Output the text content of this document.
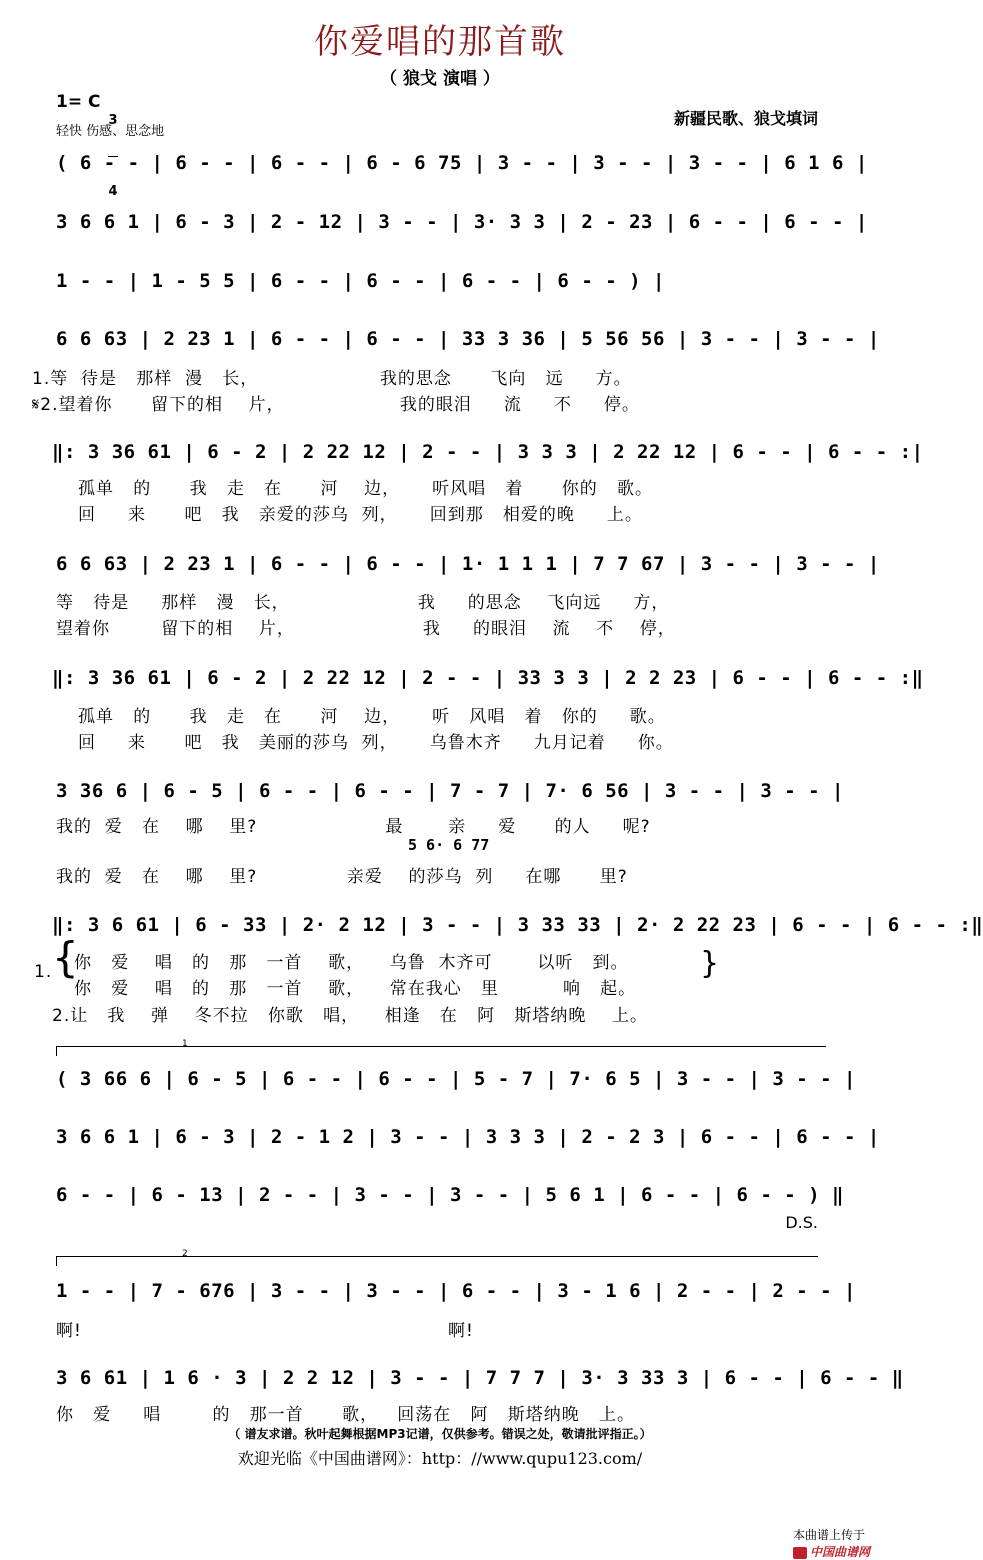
你爱唱的那首歌
（ 狼戈 演唱 ）
1= C

3

4

轻快 伤感、思念地
新疆民歌、狼戈填词
( 6 - - | 6 - - | 6 - - | 6 - 6 75 | 3 - - | 3 - - | 3 - - | 6 1 6 |
3 6 6 1 | 6 - 3 | 2 - 12 | 3 - - | 3· 3 3 | 2 - 23 | 6 - - | 6 - - |
1 - - | 1 - 5 5 | 6 - - | 6 - - | 6 - - | 6 - - ) |
6 6 63 | 2 23 1 | 6 - - | 6 - - | 33 3 36 | 5 56 56 | 3 - - | 3 - - |
1.等  待是   那样  漫   长，                   我的思念      飞向   远     方。
𝄋2.望着你      留下的相    片，                  我的眼泪     流     不     停。
‖: 3 36 61 | 6 - 2 | 2 22 12 | 2 - - | 3 3 3 | 2 22 12 | 6 - - | 6 - - :|
孤单   的      我   走   在      河    边，     听风唱   着      你的   歌。
回     来      吧   我   亲爱的莎乌  列，     回到那   相爱的晚     上。
6 6 63 | 2 23 1 | 6 - - | 6 - - | 1· 1 1 1 | 7 7 67 | 3 - - | 3 - - |
等   待是     那样   漫   长，                    我     的思念    飞向远     方，
望着你        留下的相    片，                    我     的眼泪    流    不    停，
‖: 3 36 61 | 6 - 2 | 2 22 12 | 2 - - | 33 3 3 | 2 2 23 | 6 - - | 6 - - :‖
孤单   的      我   走   在      河    边，     听   风唱   着   你的     歌。
回     来      吧   我   美丽的莎乌  列，     乌鲁木齐     九月记着     你。
3 36 6 | 6 - 5 | 6 - - | 6 - - | 7 - 7 | 7· 6 56 | 3 - - | 3 - - |
我的  爱   在    哪    里?                    最       亲     爱      的人     呢?
5 6· 6 77
我的  爱   在    哪    里?              亲爱    的莎乌  列     在哪      里?
‖: 3 6 61 | 6 - 33 | 2· 2 12 | 3 - - | 3 33 33 | 2· 2 22 23 | 6 - - | 6 - - :‖
1. {
你   爱    唱   的   那   一首    歌，    乌鲁  木齐可       以听   到。
你   爱    唱   的   那   一首    歌，    常在我心   里          响   起。
}
2.让   我    弹    冬不拉   你歌   唱，    相逢   在   阿   斯塔纳晚    上。
1
( 3 66 6 | 6 - 5 | 6 - - | 6 - - | 5 - 7 | 7· 6 5 | 3 - - | 3 - - |
3 6 6 1 | 6 - 3 | 2 - 1 2 | 3 - - | 3 3 3 | 2 - 2 3 | 6 - - | 6 - - |
6 - - | 6 - 13 | 2 - - | 3 - - | 3 - - | 5 6 1 | 6 - - | 6 - - ) ‖
D.S.
2
1 - - | 7 - 676 | 3 - - | 3 - - | 6 - - | 3 - 1 6 | 2 - - | 2 - - |
啊!	啊!
3 6 61 | 1 6 · 3 | 2 2 12 | 3 - - | 7 7 7 | 3· 3 33 3 | 6 - - | 6 - - ‖
你   爱     唱        的   那一首      歌，   回荡在   阿   斯塔纳晚   上。
（ 谱友求谱。秋叶起舞根据MP3记谱，仅供参考。错误之处，敬请批评指正。）
欢迎光临《中国曲谱网》：http：//www.qupu123.com/

本曲谱上传于
中国曲谱网
